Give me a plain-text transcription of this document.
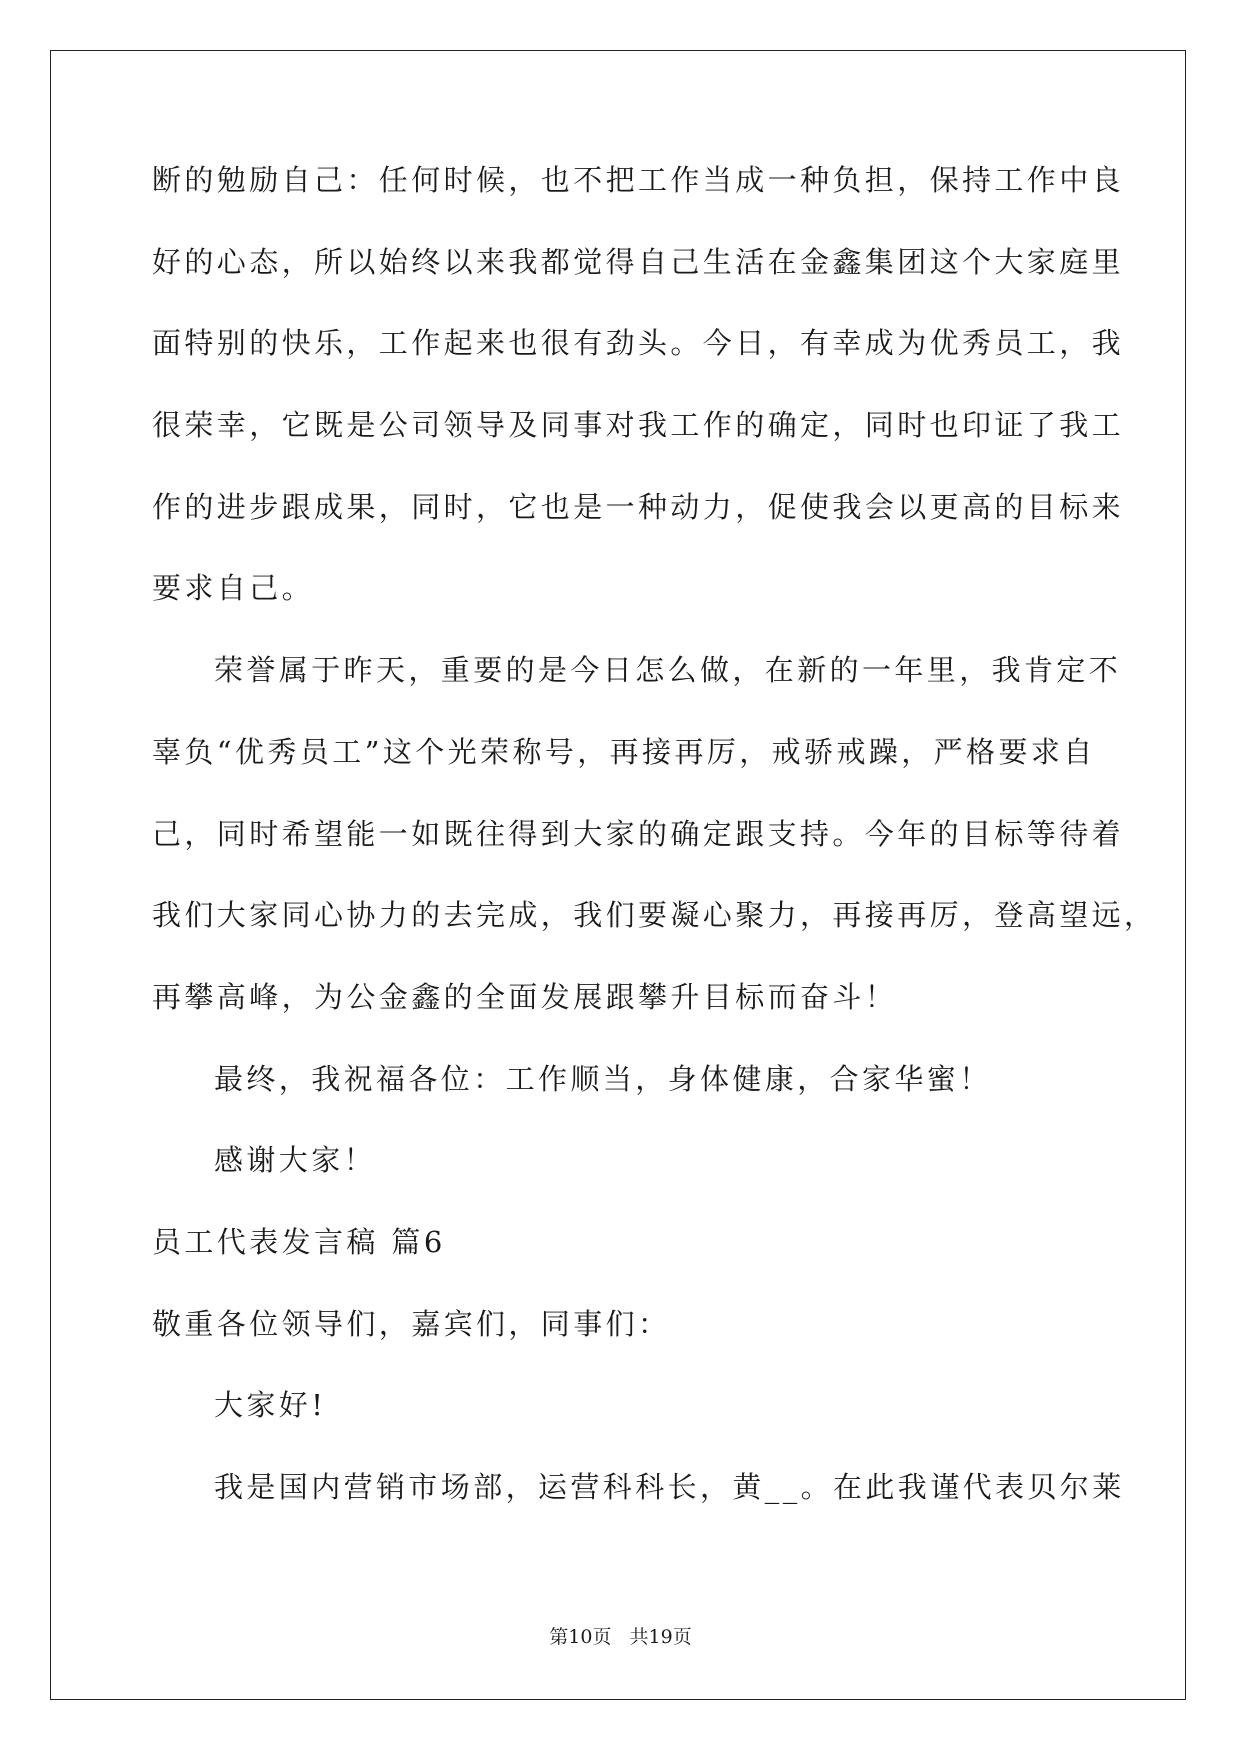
断的勉励自己：任何时候，也不把工作当成一种负担，保持工作中良
好的心态，所以始终以来我都觉得自己生活在金鑫集团这个大家庭里
面特别的快乐，工作起来也很有劲头。今日，有幸成为优秀员工，我
很荣幸，它既是公司领导及同事对我工作的确定，同时也印证了我工
作的进步跟成果，同时，它也是一种动力，促使我会以更高的目标来
要求自己。
荣誉属于昨天，重要的是今日怎么做，在新的一年里，我肯定不
辜负“优秀员工”这个光荣称号，再接再厉，戒骄戒躁，严格要求自
己，同时希望能一如既往得到大家的确定跟支持。今年的目标等待着
我们大家同心协力的去完成，我们要凝心聚力，再接再厉，登高望远，
再攀高峰，为公金鑫的全面发展跟攀升目标而奋斗！
最终，我祝福各位：工作顺当，身体健康，合家华蜜！
感谢大家！
员工代表发言稿 篇6
敬重各位领导们，嘉宾们，同事们：
大家好!
我是国内营销市场部，运营科科长，黄__。在此我谨代表贝尔莱
第10页 共19页
